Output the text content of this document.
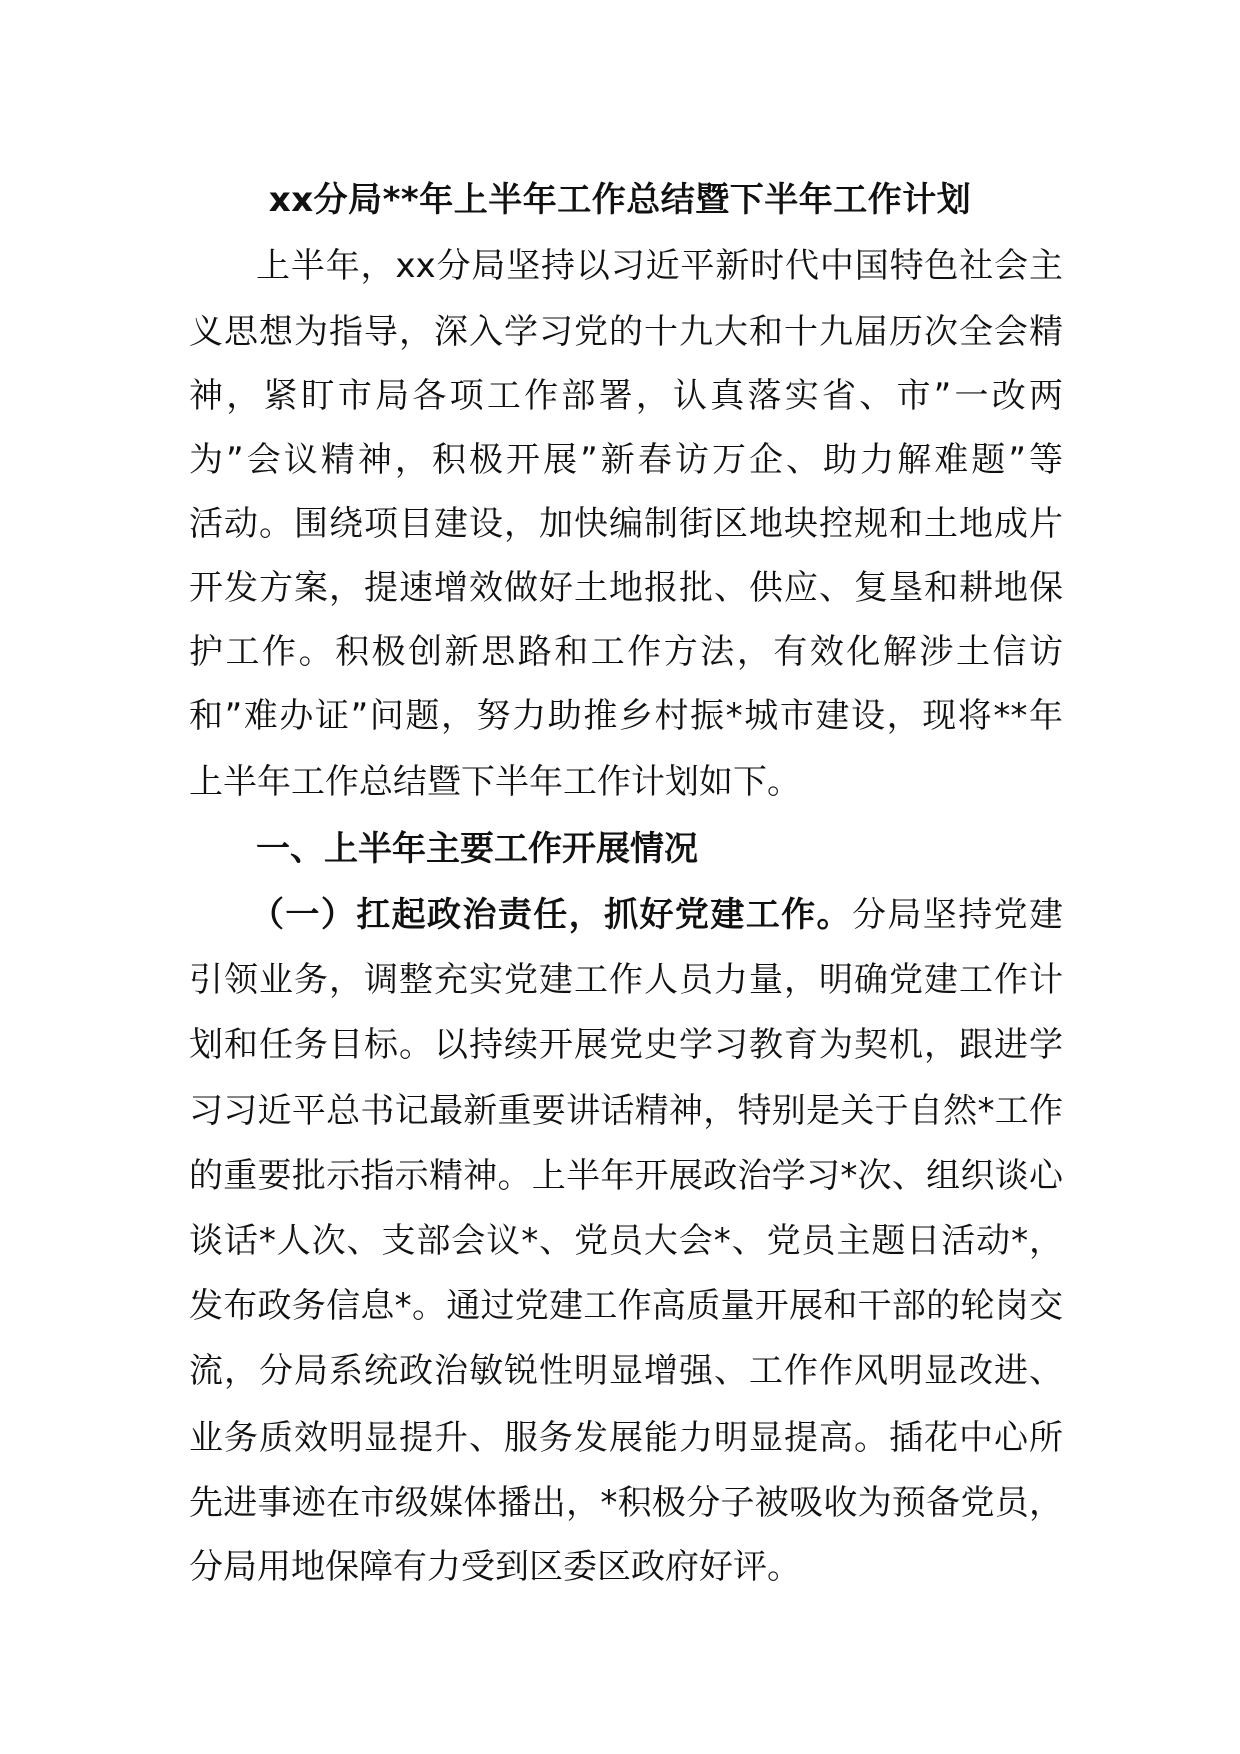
xx分局**年上半年工作总结暨下半年工作计划
上半年，xx分局坚持以习近平新时代中国特色社会主
义思想为指导，深入学习党的十九大和十九届历次全会精
神，紧盯市局各项工作部署，认真落实省、市”一改两
为”会议精神，积极开展”新春访万企、助力解难题”等
活动。围绕项目建设，加快编制街区地块控规和土地成片
开发方案，提速增效做好土地报批、供应、复垦和耕地保
护工作。积极创新思路和工作方法，有效化解涉土信访
和”难办证”问题，努力助推乡村振*城市建设，现将**年
上半年工作总结暨下半年工作计划如下。
一、上半年主要工作开展情况
（一）扛起政治责任，抓好党建工作。分局坚持党建
引领业务，调整充实党建工作人员力量，明确党建工作计
划和任务目标。以持续开展党史学习教育为契机，跟进学
习习近平总书记最新重要讲话精神，特别是关于自然*工作
的重要批示指示精神。上半年开展政治学习*次、组织谈心
谈话*人次、支部会议*、党员大会*、党员主题日活动*，
发布政务信息*。通过党建工作高质量开展和干部的轮岗交
流，分局系统政治敏锐性明显增强、工作作风明显改进、
业务质效明显提升、服务发展能力明显提高。插花中心所
先进事迹在市级媒体播出，*积极分子被吸收为预备党员，
分局用地保障有力受到区委区政府好评。
